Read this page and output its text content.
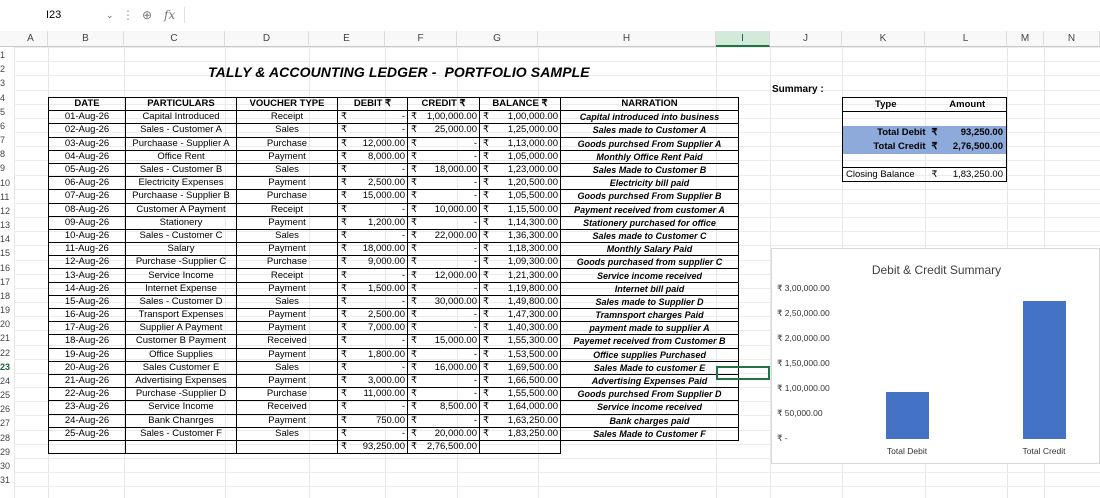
I23	⌄ ⋮ ⊕ fx
A	B	C	D	E	F	G	H	I	J	K	L	M	N
1
2
3
4
5
6
7
8
9
10
11
12
13
14
15
16
17
18
19
20
21
22
23
24
25
26
27
28
29
30
31
TALLY & ACCOUNTING LEDGER -  PORTFOLIO SAMPLE
DATE	PARTICULARS	VOUCHER TYPE	DEBIT ₹	CREDIT ₹	BALANCE ₹	NARRATION
01-Aug-26	Capital Introduced	Receipt	₹ -	₹ 1,00,000.00	₹ 1,00,000.00	Capital introduced into business
02-Aug-26	Sales - Customer A	Sales	₹ -	₹ 25,000.00	₹ 1,25,000.00	Sales made to Customer A
03-Aug-26	Purchaase - Supplier A	Purchase	₹ 12,000.00	₹ -	₹ 1,13,000.00	Goods purchsed From Supplier A
04-Aug-26	Office Rent	Payment	₹ 8,000.00	₹ -	₹ 1,05,000.00	Monthly Office Rent Paid
05-Aug-26	Sales - Customer B	Sales	₹ -	₹ 18,000.00	₹ 1,23,000.00	Sales Made to Customer B
06-Aug-26	Electricity Expenses	Payment	₹ 2,500.00	₹ -	₹ 1,20,500.00	Electricity bill paid
07-Aug-26	Purchaase - Supplier B	Purchase	₹ 15,000.00	₹ -	₹ 1,05,500.00	Goods purchsed From Supplier B
08-Aug-26	Customer A Payment	Receipt	₹ -	₹ 10,000.00	₹ 1,15,500.00	Payment received from customer A
09-Aug-26	Stationery	Payment	₹ 1,200.00	₹ -	₹ 1,14,300.00	Stationery purchased for office
10-Aug-26	Sales - Customer C	Sales	₹ -	₹ 22,000.00	₹ 1,36,300.00	Sales made to Customer C
11-Aug-26	Salary	Payment	₹ 18,000.00	₹ -	₹ 1,18,300.00	Monthly Salary Paid
12-Aug-26	Purchase -Supplier C	Purchase	₹ 9,000.00	₹ -	₹ 1,09,300.00	Goods purchased from supplier C
13-Aug-26	Service Income	Receipt	₹ -	₹ 12,000.00	₹ 1,21,300.00	Service income received
14-Aug-26	Internet Expense	Payment	₹ 1,500.00	₹ -	₹ 1,19,800.00	Internet bill paid
15-Aug-26	Sales - Customer D	Sales	₹ -	₹ 30,000.00	₹ 1,49,800.00	Sales made to Supplier D
16-Aug-26	Transport Expenses	Payment	₹ 2,500.00	₹ -	₹ 1,47,300.00	Tramnsport charges Paid
17-Aug-26	Supplier A Payment	Payment	₹ 7,000.00	₹ -	₹ 1,40,300.00	payment made to supplier A
18-Aug-26	Customer B Payment	Received	₹ -	₹ 15,000.00	₹ 1,55,300.00	Payemet received from Customer B
19-Aug-26	Office Supplies	Payment	₹ 1,800.00	₹ -	₹ 1,53,500.00	Office supplies Purchased
20-Aug-26	Sales Customer E	Sales	₹ -	₹ 16,000.00	₹ 1,69,500.00	Sales Made to customer E
21-Aug-26	Advertising Expenses	Payment	₹ 3,000.00	₹ -	₹ 1,66,500.00	Advertising Expenses Paid
22-Aug-26	Purchase -Supplier D	Purchase	₹ 11,000.00	₹ -	₹ 1,55,500.00	Goods purchsed From Supplier D
23-Aug-26	Service Income	Received	₹ -	₹ 8,500.00	₹ 1,64,000.00	Service income received
24-Aug-26	Bank Chanrges	Payment	₹ 750.00	₹ -	₹ 1,63,250.00	Bank charges paid
25-Aug-26	Sales - Customer F	Sales	₹ -	₹ 20,000.00	₹ 1,83,250.00	Sales Made to Customer F

			₹ 93,250.00	₹ 2,76,500.00		

Summary :
Type	Amount

Total Debit	₹ 93,250.00

Total Credit	₹ 2,76,500.00

Closing Balance	₹ 1,83,250.00
Debit & Credit Summary
₹ -
₹ 50,000.00
₹ 1,00,000.00
₹ 1,50,000.00
₹ 2,00,000.00
₹ 2,50,000.00
₹ 3,00,000.00
Total Debit	Total Credit
